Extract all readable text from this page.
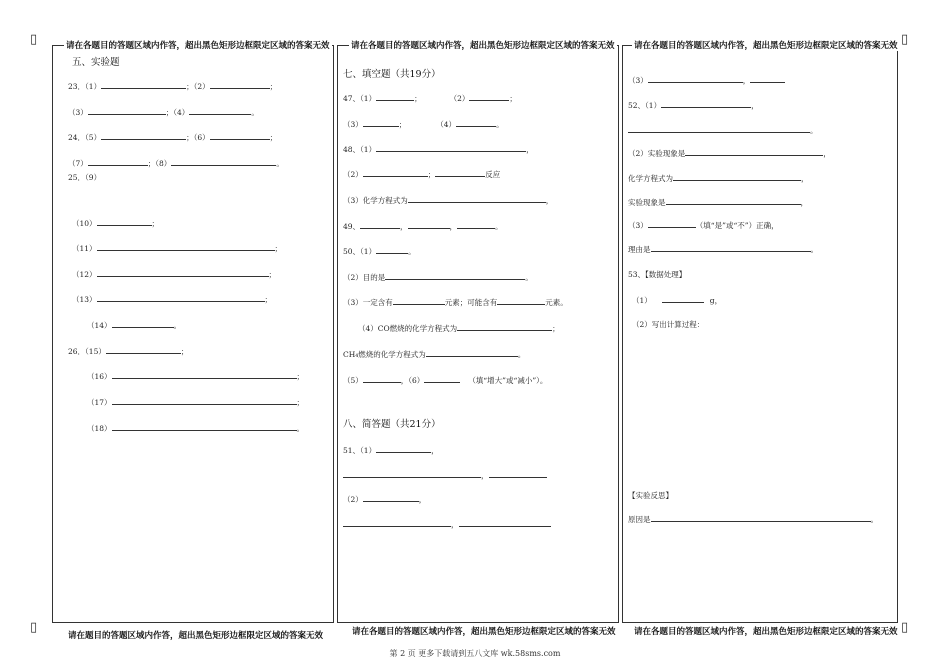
▯	▯
▯	▯
请在各题目的答题区域内作答，超出黑色矩形边框限定区域的答案无效	请在各题目的答题区域内作答，超出黑色矩形边框限定区域的答案无效 请在各题目的答题区域内作答，超出黑色矩形边框限定区域的答案无效
请在题目的答题区域内作答，超出黑色矩形边框限定区域的答案无效	请在各题目的答题区域内作答，超出黑色矩形边框限定区域的答案无效 请在各题目的答题区域内作答，超出黑色矩形边框限定区域的答案无效
五、实验题
23．（1）	；（2）	；
（3）	；（4）	。
24．（5）	；（6）	；
（7）	；（8）	。
25．（9）
（10）	；
（11）	；
（12）	；
（13）	；
（14）	。
26．（15）	；
（16）	；
（17）	；
（18）	。
七、填空题（共19分）
47、（1）	；	（2）	；
（3）	；	（4）	。
48、（1）	，
（2）	；	反应
（3）化学方程式为	，
49、	，	，	。
50、（1）	。
（2）目的是	。
（3）一定含有	元素；可能含有	元素。
（4）CO燃烧的化学方程式为	；
CH₄燃烧的化学方程式为	。
（5）	，（6）	（填“增大”或“减小”）。
八、简答题（共21分）
51、（1）	，
，
（2）	，
，
（3）	，
52、（1）	，
。
（2）实验现象是	，
化学方程式为	，
实验现象是	，
（3）	（填“是”或“不”）正确，
理由是	。
53、【数据处理】
（1）	g，
（2）写出计算过程：
【实验反思】
原因是	。
第 2 页 更多下载请到五八文库 wk.58sms.com
